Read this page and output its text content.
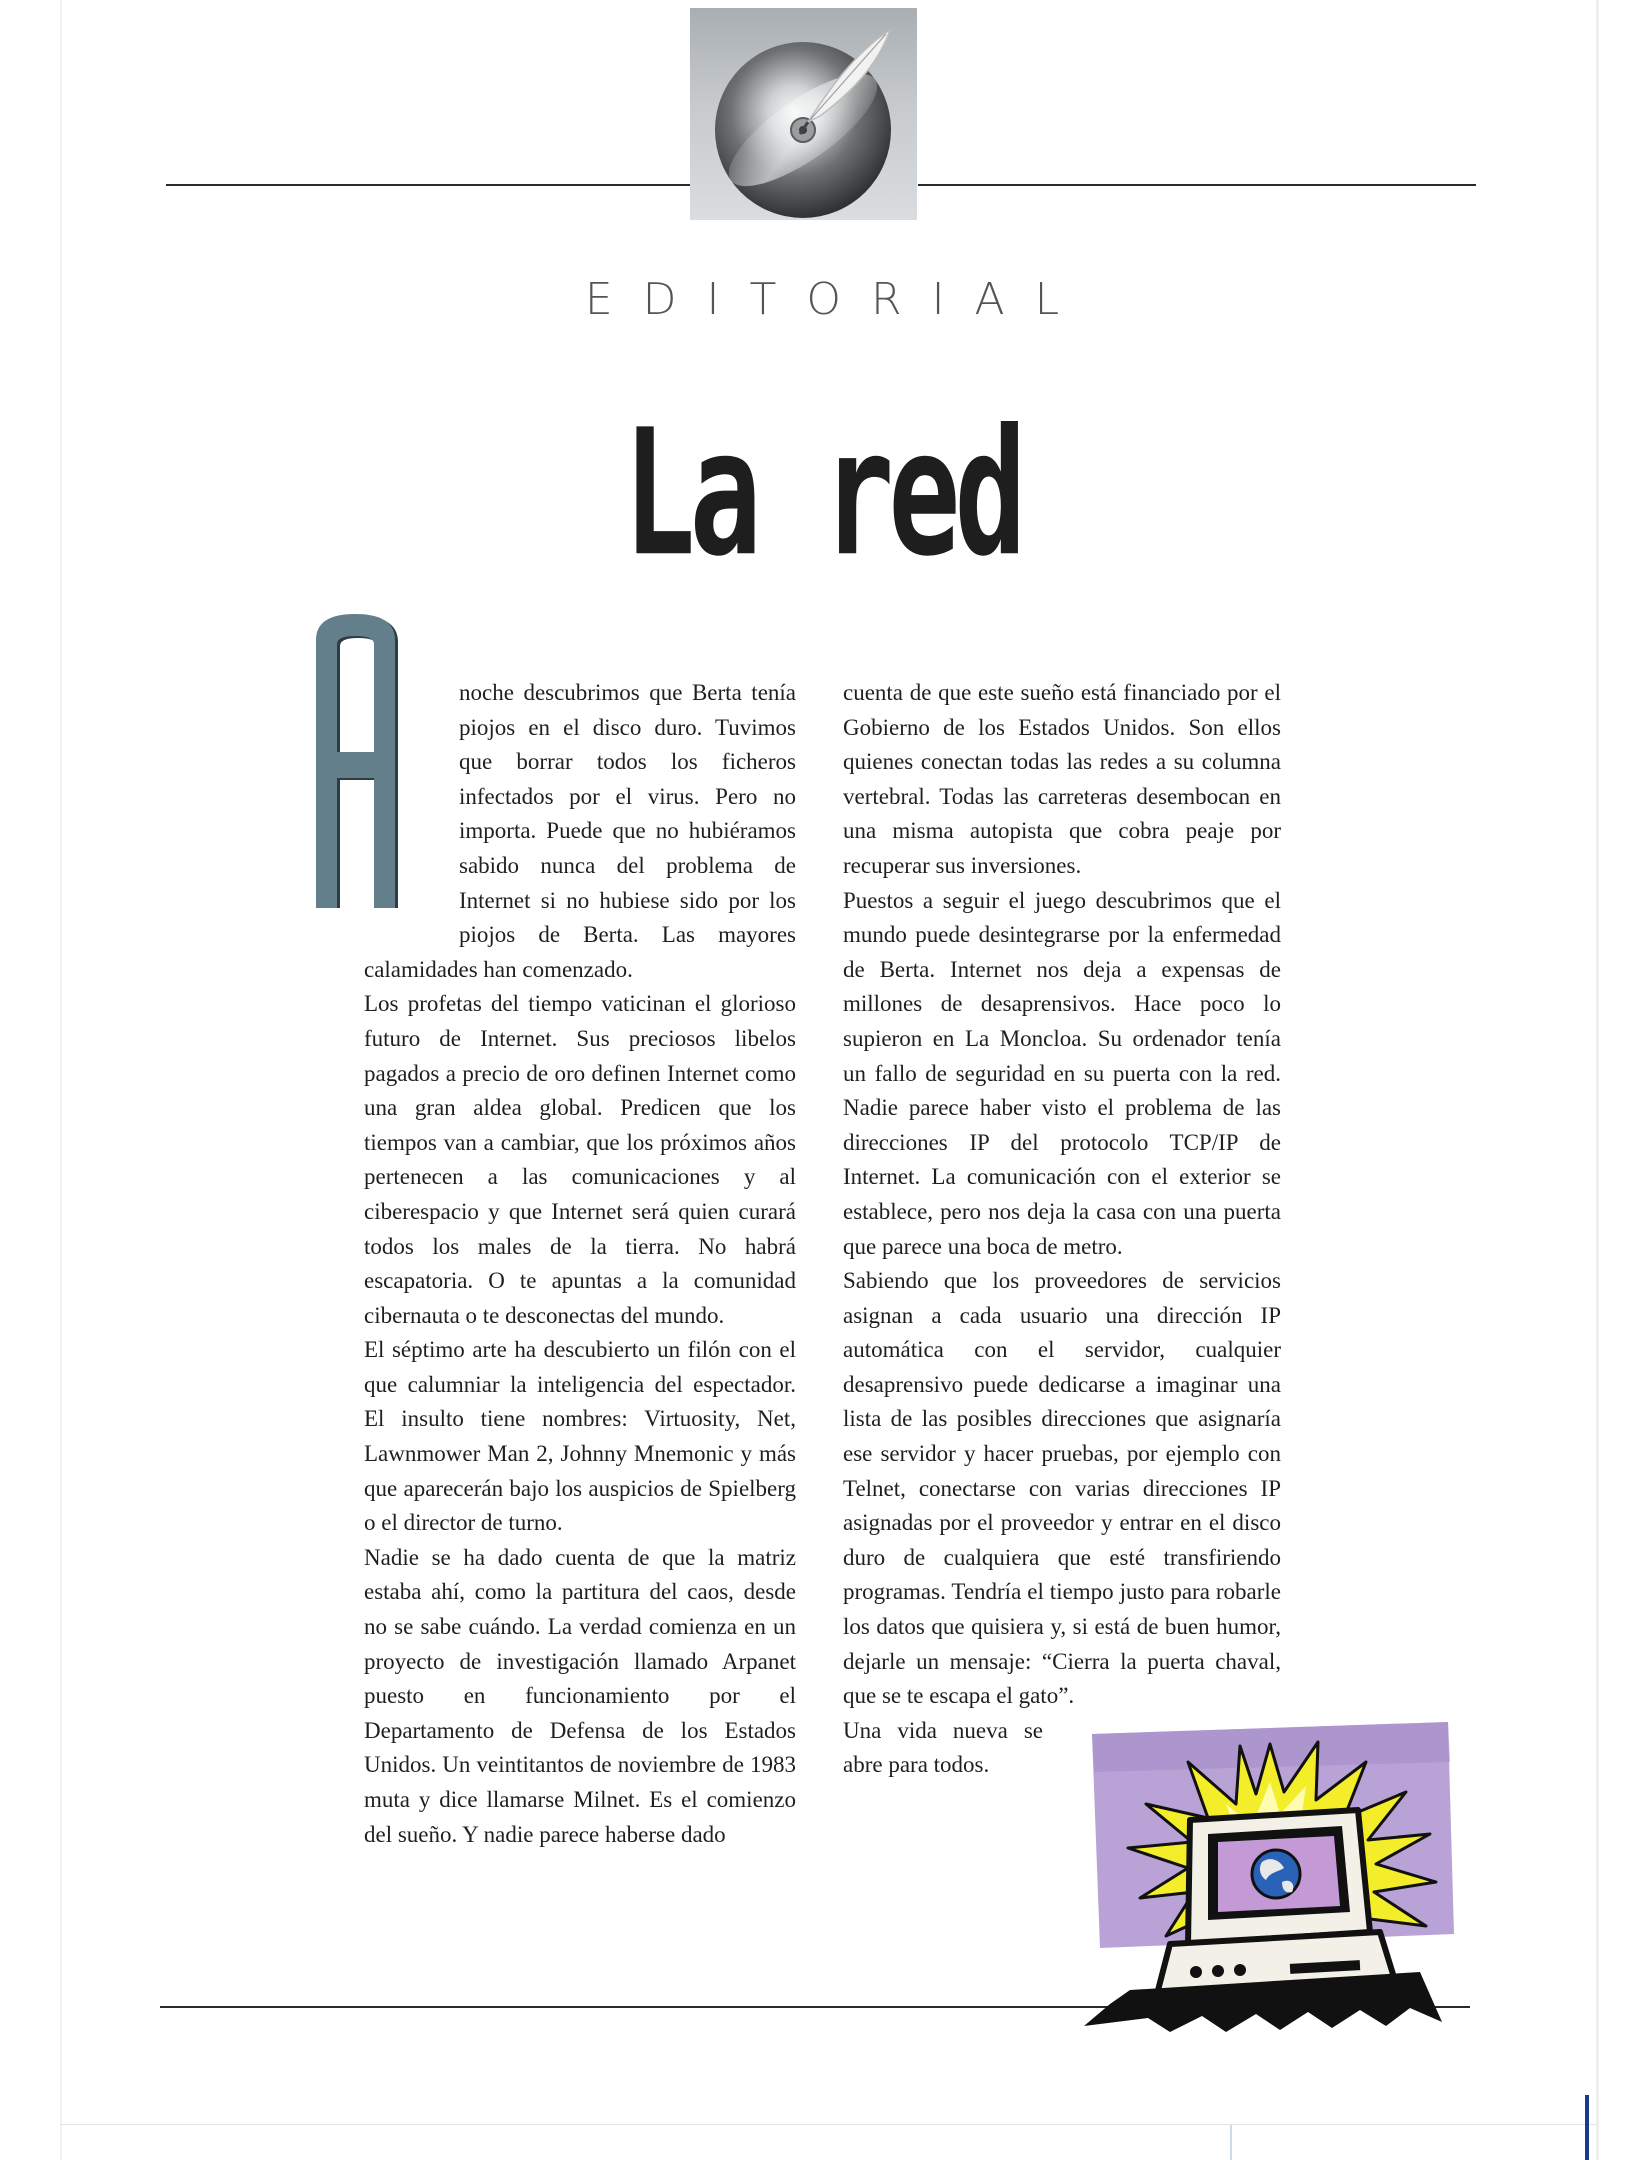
EDITORIAL
La red
A

noche descubrimos que Berta tenía piojos en el disco duro. Tuvimos que borrar todos los ficheros infectados por el virus. Pero no importa. Puede que no hubiéramos sabido nunca del problema de Internet si no hubiese sido por los piojos de Berta. Las mayores calamidades han comenzado.

Los profetas del tiempo vaticinan el glorioso futuro de Internet. Sus preciosos libelos pagados a precio de oro definen Internet como una gran aldea global. Predicen que los tiempos van a cambiar, que los próximos años pertenecen a las comunicaciones y al ciberespacio y que Internet será quien curará todos los males de la tierra. No habrá escapatoria. O te apuntas a la comunidad cibernauta o te desconectas del mundo.

El séptimo arte ha descubierto un filón con el que calumniar la inteligencia del espectador. El insulto tiene nombres: Virtuosity, Net, Lawnmower Man 2, Johnny Mnemonic y más que aparecerán bajo los auspicios de Spielberg o el director de turno.

Nadie se ha dado cuenta de que la matriz estaba ahí, como la partitura del caos, desde no se sabe cuándo. La verdad comienza en un proyecto de investigación llamado Arpanet puesto en funcionamiento por el Departamento de Defensa de los Estados Unidos. Un veintitantos de noviembre de 1983 muta y dice llamarse Milnet. Es el comienzo del sueño. Y nadie parece haberse dado

cuenta de que este sueño está financiado por el Gobierno de los Estados Unidos. Son ellos quienes conectan todas las redes a su columna vertebral. Todas las carreteras desembocan en una misma autopista que cobra peaje por recuperar sus inversiones.

Puestos a seguir el juego descubrimos que el mundo puede desintegrarse por la enfermedad de Berta. Internet nos deja a expensas de millones de desaprensivos. Hace poco lo supieron en La Moncloa. Su ordenador tenía un fallo de seguridad en su puerta con la red. Nadie parece haber visto el problema de las direcciones IP del protocolo TCP/IP de Internet. La comunicación con el exterior se establece, pero nos deja la casa con una puerta que parece una boca de metro.

Sabiendo que los proveedores de servicios asignan a cada usuario una dirección IP automática con el servidor, cualquier desaprensivo puede dedicarse a imaginar una lista de las posibles direcciones que asignaría ese servidor y hacer pruebas, por ejemplo con Telnet, conectarse con varias direcciones IP asignadas por el proveedor y entrar en el disco duro de cualquiera que esté transfiriendo programas. Tendría el tiempo justo para robarle los datos que quisiera y, si está de buen humor, dejarle un mensaje: “Cierra la puerta chaval, que se te escapa el gato”.

Una vida nueva se abre para todos.
